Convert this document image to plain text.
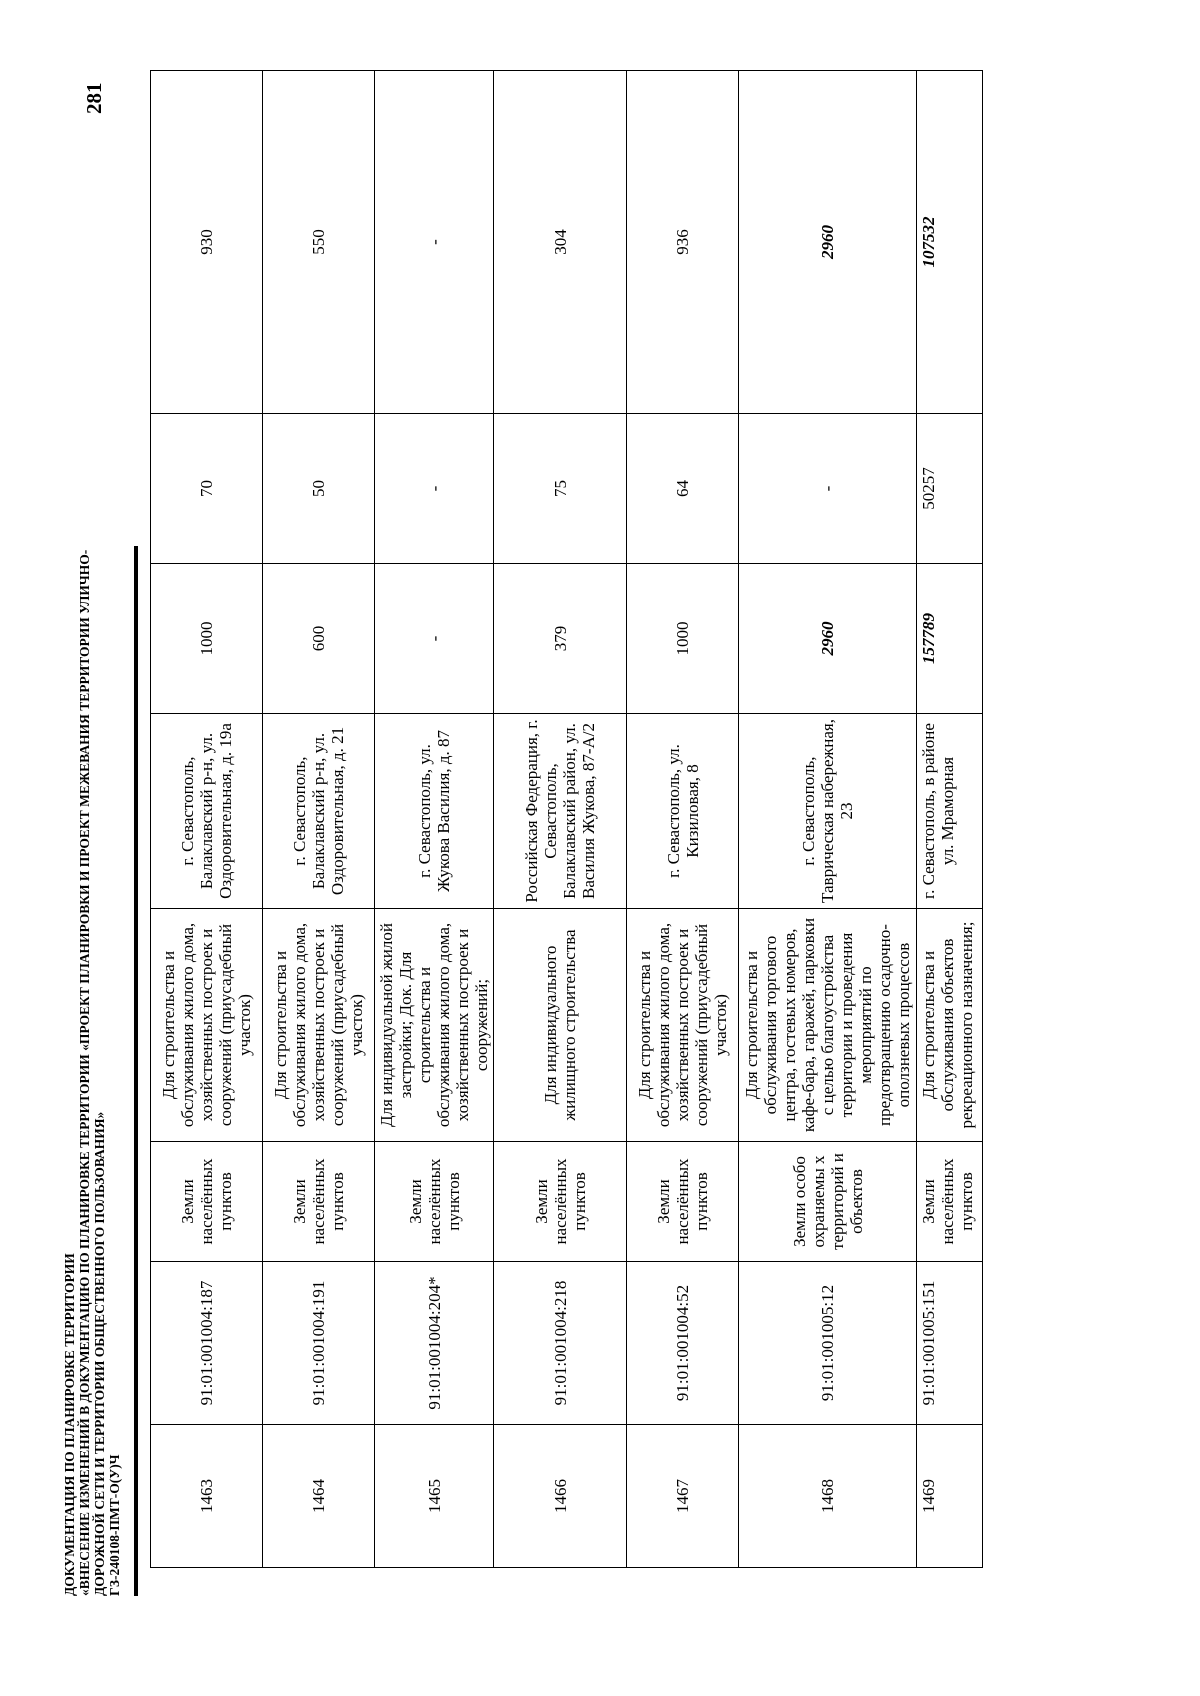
ДОКУМЕНТАЦИЯ ПО ПЛАНИРОВКЕ ТЕРРИТОРИИ «ВНЕСЕНИЕ ИЗМЕНЕНИЙ В ДОКУМЕНТАЦИЮ ПО ПЛАНИРОВКЕ ТЕРРИТОРИИ «ПРОЕКТ ПЛАНИРОВКИ И ПРОЕКТ МЕЖЕВАНИЯ ТЕРРИТОРИИ УЛИЧНО- ДОРОЖНОЙ СЕТИ И ТЕРРИТОРИИ ОБЩЕСТВЕННОГО ПОЛЬЗОВАНИЯ» ГЗ-240108-ПМТ-О(У)Ч
281
1463	91:01:001004:187	Земли населённых пунктов	Для строительства и обслуживания жилого дома, хозяйственных построек и сооружений (приусадебный участок)	г. Севастополь, Балаклавский р-н, ул. Оздоровительная, д. 19а	1000	70	930
1464	91:01:001004:191	Земли населённых пунктов	Для строительства и обслуживания жилого дома, хозяйственных построек и сооружений (приусадебный участок)	г. Севастополь, Балаклавский р-н, ул. Оздоровительная, д. 21	600	50	550
1465	91:01:001004:204*	Земли населённых пунктов	Для индивидуальной жилой застройки; Док. Для строительства и обслуживания жилого дома, хозяйственных построек и сооружений;	г. Севастополь, ул. Жукова Василия, д. 87	-	-	-
1466	91:01:001004:218	Земли населённых пунктов	Для индивидуального жилищного строительства	Российская Федерация, г. Севастополь, Балаклавский район, ул. Василия Жукова, 87-А/2	379	75	304
1467	91:01:001004:52	Земли населённых пунктов	Для строительства и обслуживания жилого дома, хозяйственных построек и сооружений (приусадебный участок)	г. Севастополь, ул. Кизиловая, 8	1000	64	936
1468	91:01:001005:12	Земли особо охраняемы х территорий и объектов	Для строительства и обслуживания торгового центра, гостевых номеров, кафе-бара, гаражей, парковки с целью благоустройства территории и проведения мероприятий по предотвращению осадочно-оползневых процессов	г. Севастополь, Таврическая набережная, 23	2960	-	2960
1469	91:01:001005:151	Земли населённых пунктов	Для строительства и обслуживания объектов рекреационного назначения;	г. Севастополь, в районе ул. Мраморная	157789	50257	107532
